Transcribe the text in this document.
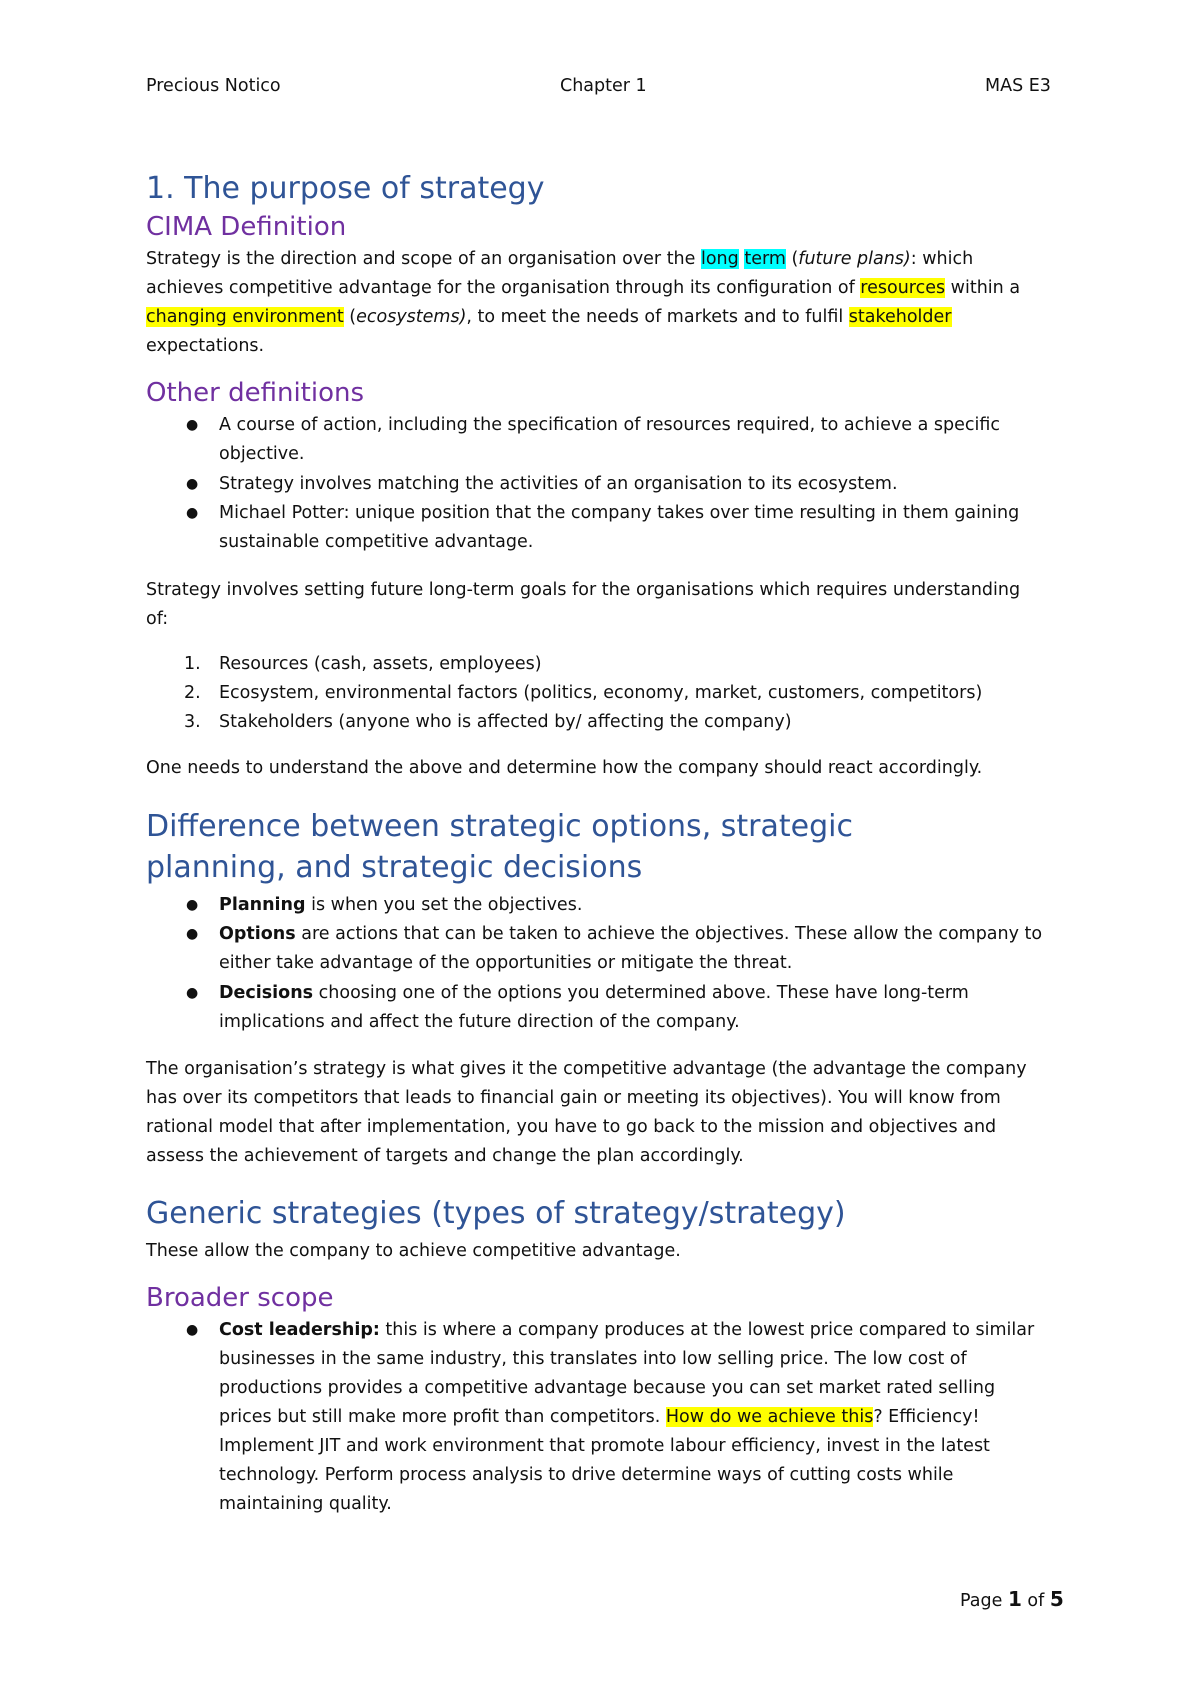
Precious Notico	Chapter 1	MAS E3
1. The purpose of strategy
CIMA Definition
Strategy is the direction and scope of an organisation over the long term (future plans): which
achieves competitive advantage for the organisation through its configuration of resources within a
changing environment (ecosystems), to meet the needs of markets and to fulfil stakeholder
expectations.
Other definitions
● A course of action, including the specification of resources required, to achieve a specific
objective.
● Strategy involves matching the activities of an organisation to its ecosystem.
● Michael Potter: unique position that the company takes over time resulting in them gaining
sustainable competitive advantage.
Strategy involves setting future long-term goals for the organisations which requires understanding
of:
1. Resources (cash, assets, employees)
2. Ecosystem, environmental factors (politics, economy, market, customers, competitors)
3. Stakeholders (anyone who is affected by/ affecting the company)
One needs to understand the above and determine how the company should react accordingly.
Difference between strategic options, strategic
planning, and strategic decisions
● Planning is when you set the objectives.
● Options are actions that can be taken to achieve the objectives. These allow the company to
either take advantage of the opportunities or mitigate the threat.
● Decisions choosing one of the options you determined above. These have long-term
implications and affect the future direction of the company.
The organisation’s strategy is what gives it the competitive advantage (the advantage the company
has over its competitors that leads to financial gain or meeting its objectives). You will know from
rational model that after implementation, you have to go back to the mission and objectives and
assess the achievement of targets and change the plan accordingly.
Generic strategies (types of strategy/strategy)
These allow the company to achieve competitive advantage.
Broader scope
● Cost leadership: this is where a company produces at the lowest price compared to similar
businesses in the same industry, this translates into low selling price. The low cost of
productions provides a competitive advantage because you can set market rated selling
prices but still make more profit than competitors. How do we achieve this? Efficiency!
Implement JIT and work environment that promote labour efficiency, invest in the latest
technology. Perform process analysis to drive determine ways of cutting costs while
maintaining quality.
Page 1 of 5
